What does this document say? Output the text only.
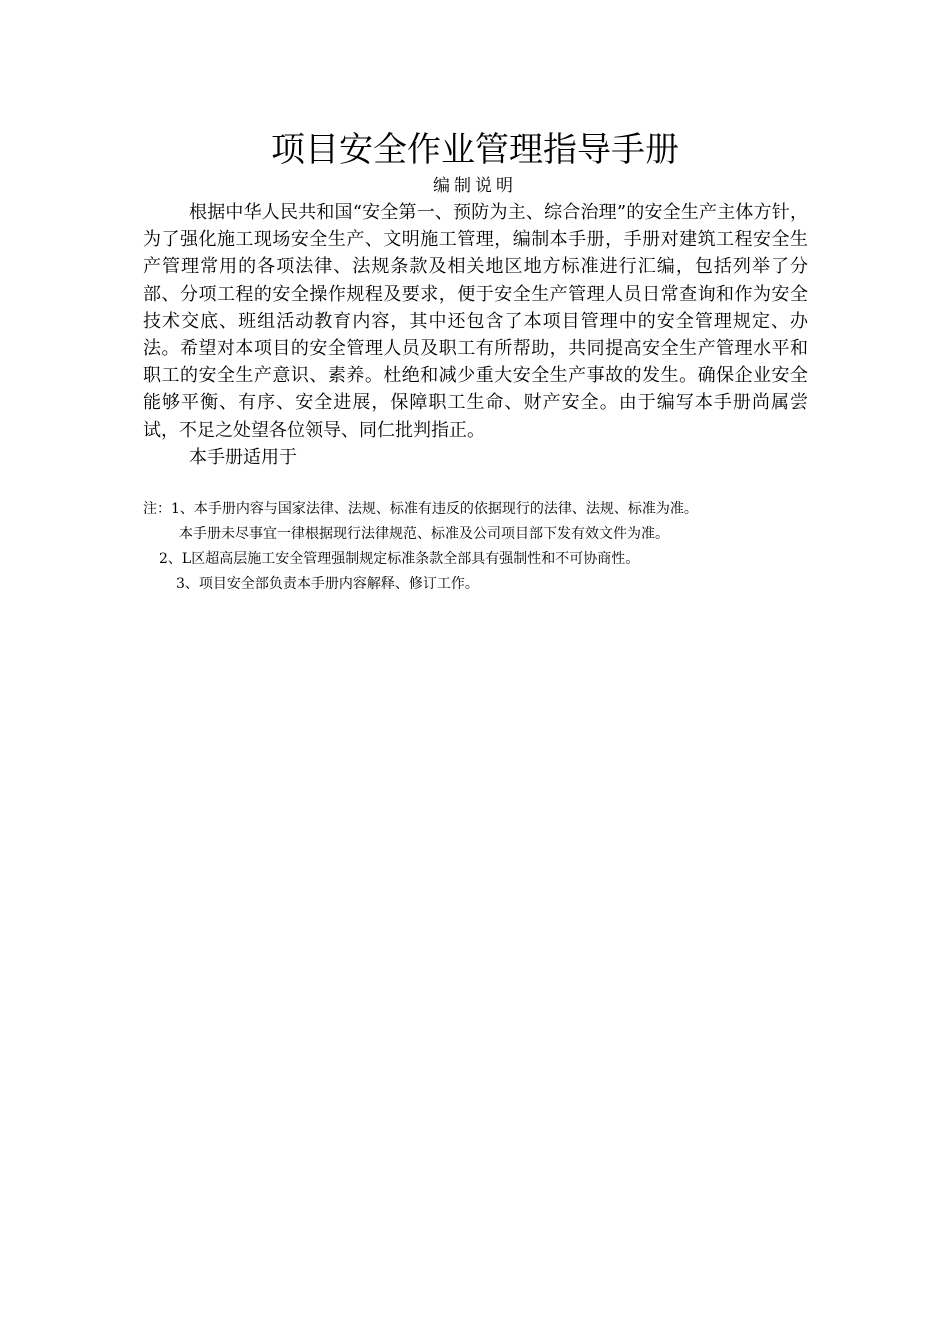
项目安全作业管理指导手册
编制说明

根据中华人民共和国“安全第一、预防为主、综合治理”的安全生产主体方针，为了强化施工现场安全生产、文明施工管理，编制本手册，手册对建筑工程安全生产管理常用的各项法律、法规条款及相关地区地方标准进行汇编，包括列举了分部、分项工程的安全操作规程及要求，便于安全生产管理人员日常查询和作为安全技术交底、班组活动教育内容，其中还包含了本项目管理中的安全管理规定、办法。希望对本项目的安全管理人员及职工有所帮助，共同提高安全生产管理水平和职工的安全生产意识、素养。杜绝和减少重大安全生产事故的发生。确保企业安全能够平衡、有序、安全进展，保障职工生命、财产安全。由于编写本手册尚属尝试，不足之处望各位领导、同仁批判指正。

本手册适用于

注：1、本手册内容与国家法律、法规、标准有违反的依据现行的法律、法规、标准为准。
本手册未尽事宜一律根据现行法律规范、标准及公司项目部下发有效文件为准。
2、L区超高层施工安全管理强制规定标准条款全部具有强制性和不可协商性。
3、项目安全部负责本手册内容解释、修订工作。
